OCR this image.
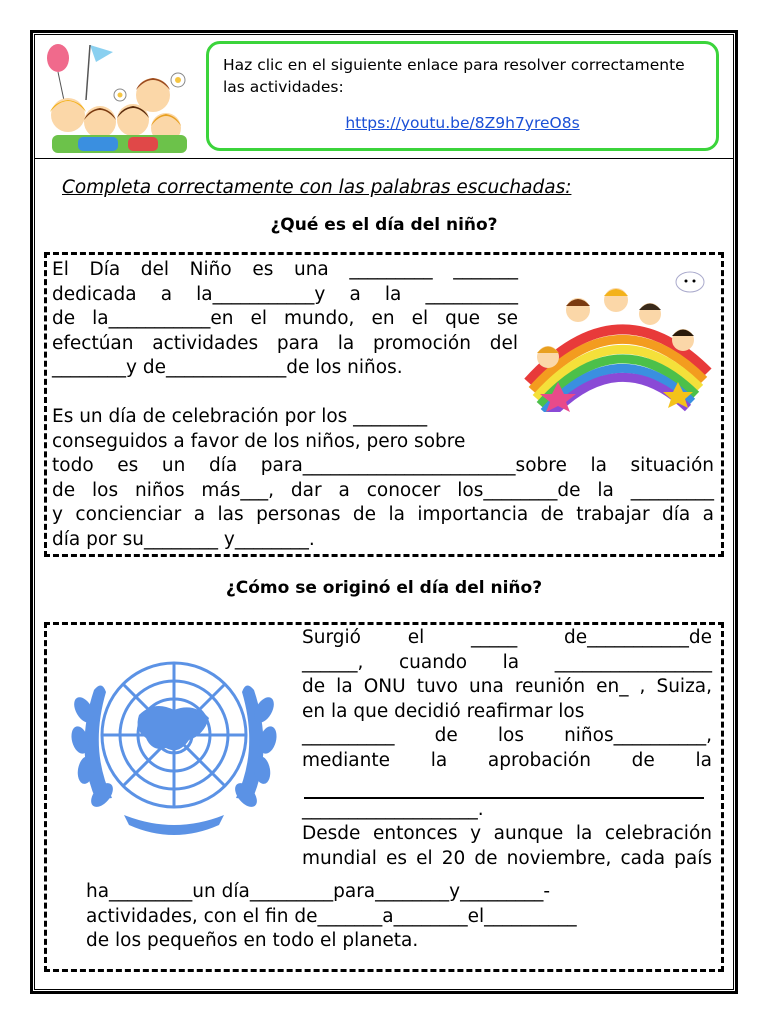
Haz clic en el siguiente enlace para resolver correctamente las actividades:

https://youtu.be/8Z9h7yreO8s

Completa correctamente con las palabras escuchadas:

¿Qué es el día del niño?

El Día del Niño es una _________ _______
dedicada a la___________y a la __________
de la___________en el mundo, en el que se
efectúan actividades para la promoción del
________y de_____________de los niños.
Es un día de celebración por los ________
conseguidos a favor de los niños, pero sobre
todo es un día para_______________________sobre la situación
de los niños más___, dar a conocer los________de la _________
y concienciar a las personas de la importancia de trabajar día a
día por su________ y________.

¿Cómo se originó el día del niño?

Surgió el _____ de___________de
______, cuando la _________________
de la ONU tuvo una reunión en_ , Suiza,
en la que decidió reafirmar los
__________ de los niños__________,
mediante la aprobación de la

___________________.
Desde entonces y aunque la celebración
mundial es el 20 de noviembre, cada país
ha_________un día_________para________y_________-
actividades, con el fin de_______a________el__________
de los pequeños en todo el planeta.
